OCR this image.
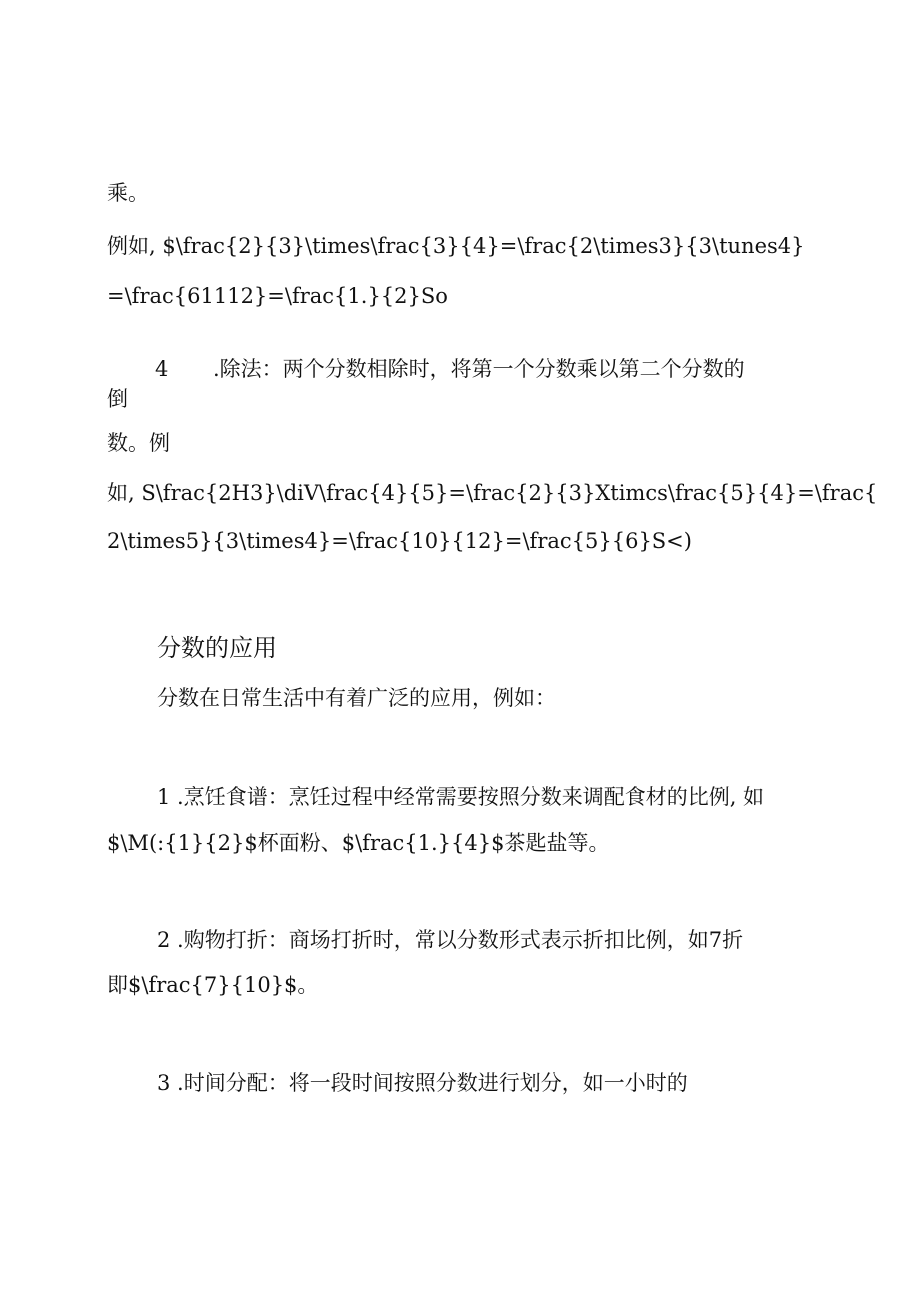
乘。
例如, $\frac{2}{3}\times\frac{3}{4}=\frac{2\times3}{3\tunes4}
=\frac{61112}=\frac{1.}{2}So
4 .除法：两个分数相除时，将第一个分数乘以第二个分数的
倒
数。例
如, S\frac{2H3}\diV\frac{4}{5}=\frac{2}{3}Xtimcs\frac{5}{4}=\frac{
2\times5}{3\times4}=\frac{10}{12}=\frac{5}{6}S<)
分数的应用
分数在日常生活中有着广泛的应用，例如：
1 .烹饪食谱：烹饪过程中经常需要按照分数来调配食材的比例, 如
$\M(:{1}{2}$杯面粉、$\frac{1.}{4}$茶匙盐等。
2 .购物打折：商场打折时，常以分数形式表示折扣比例，如7折
即$\frac{7}{10}$。
3 .时间分配：将一段时间按照分数进行划分，如一小时的
